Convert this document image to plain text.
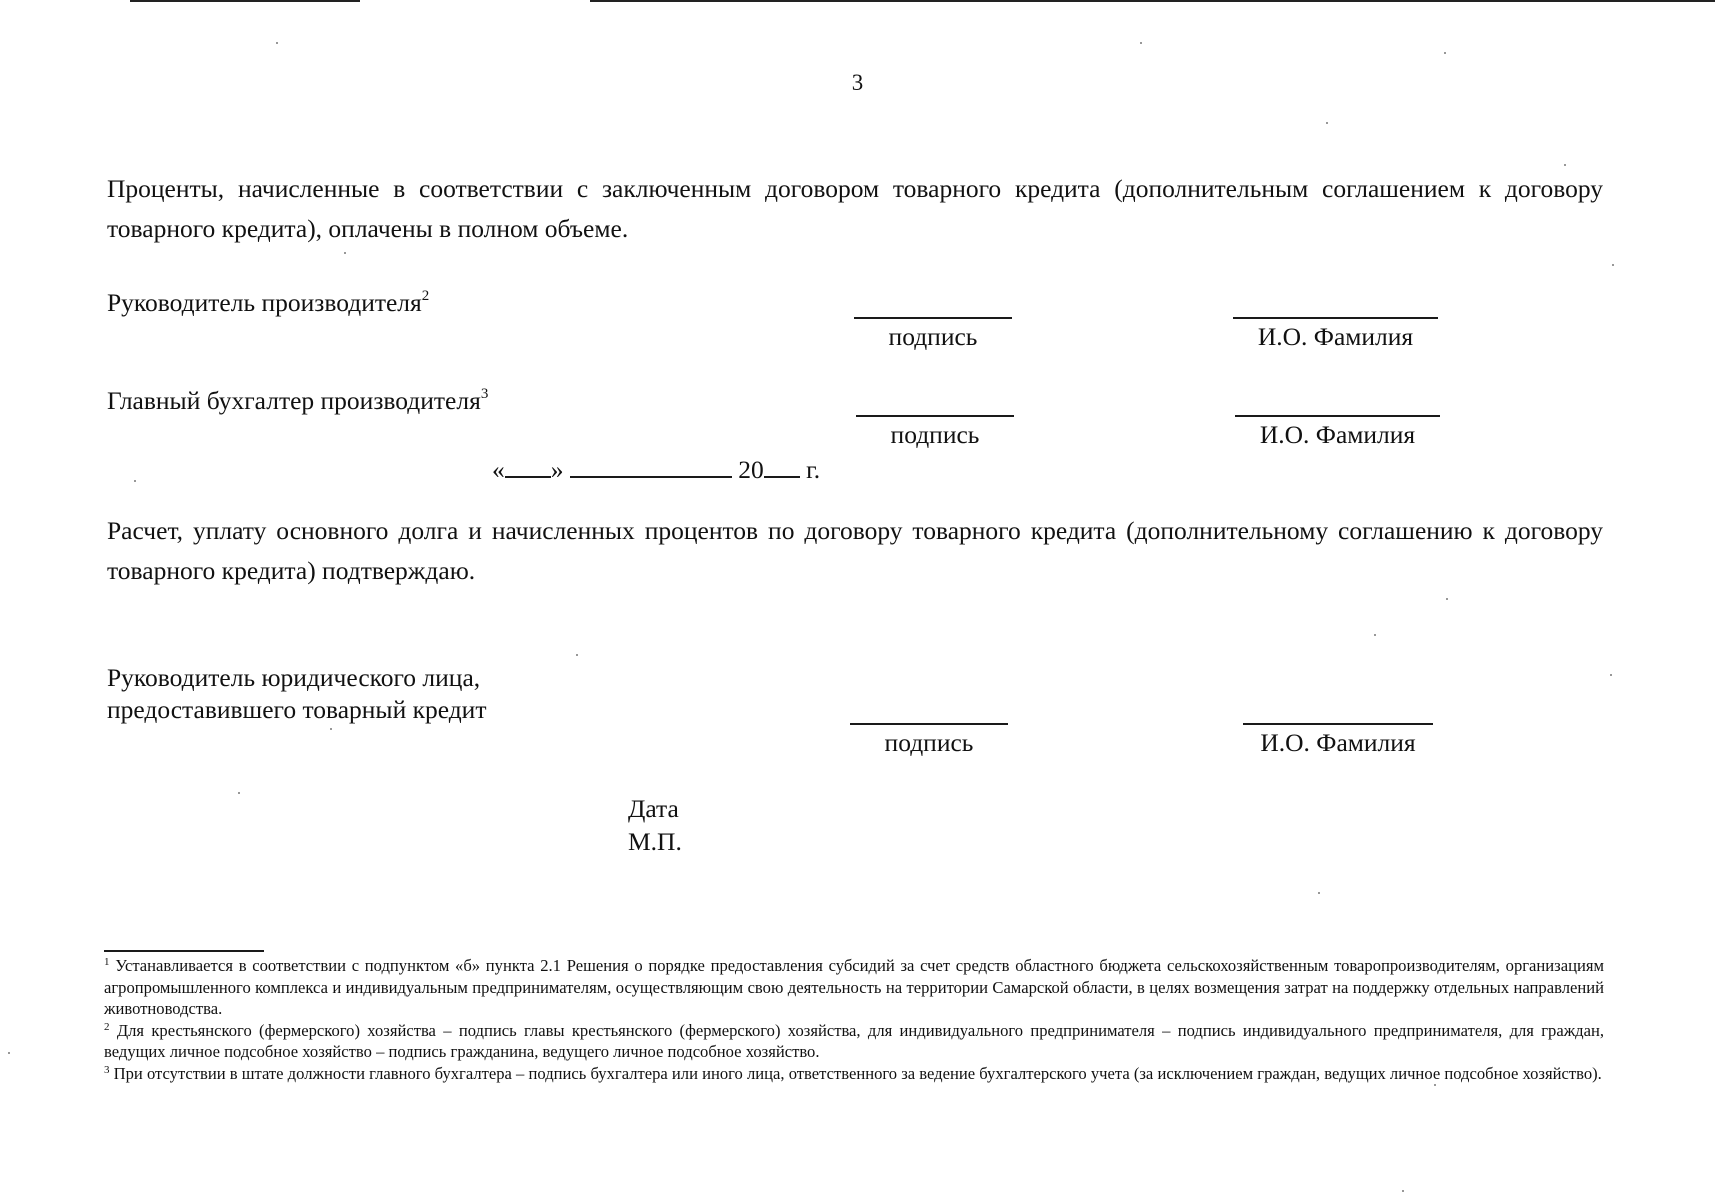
3
Проценты, начисленные в соответствии с заключенным договором товарного кредита (дополнительным соглашением к договору товарного кредита), оплачены в полном объеме.
Руководитель производителя$^2$
подпись	И.О. Фамилия
Главный бухгалтер производителя$^3$
подпись	И.О. Фамилия
« »	20 г.
Расчет, уплату основного долга и начисленных процентов по договору товарного кредита (дополнительному соглашению к договору товарного кредита) подтверждаю.
Руководитель юридического лица,
предоставившего товарный кредит
подпись	И.О. Фамилия
Дата
М.П.

$^1$ Устанавливается в соответствии с подпунктом «б» пункта 2.1 Решения о порядке предоставления субсидий за счет средств областного бюджета сельскохозяйственным товаропроизводителям, организациям агропромышленного комплекса и индивидуальным предпринимателям, осуществляющим свою деятельность на территории Самарской области, в целях возмещения затрат на поддержку отдельных направлений животноводства.

$^2$ Для крестьянского (фермерского) хозяйства – подпись главы крестьянского (фермерского) хозяйства, для индивидуального предпринимателя – подпись индивидуального предпринимателя, для граждан, ведущих личное подсобное хозяйство – подпись гражданина, ведущего личное подсобное хозяйство.

$^3$ При отсутствии в штате должности главного бухгалтера – подпись бухгалтера или иного лица, ответственного за ведение бухгалтерского учета (за исключением граждан, ведущих личное подсобное хозяйство).
